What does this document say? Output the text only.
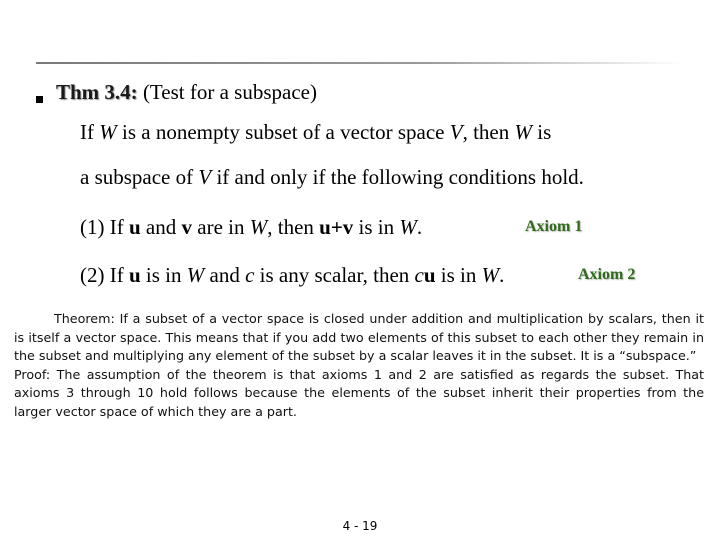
Thm 3.4: (Test for a subspace)
If W is a nonempty subset of a vector space V, then W is
a subspace of V if and only if the following conditions hold.
(1) If u and v are in W, then u+v is in W.	Axiom 1
(2) If u is in W and c is any scalar, then cu is in W.	Axiom 2

Theorem: If a subset of a vector space is closed under addition and multiplication by scalars, then it is itself a vector space. This means that if you add two elements of this subset to each other they remain in the subset and multiplying any element of the subset by a scalar leaves it in the subset. It is a “subspace.”

Proof: The assumption of the theorem is that axioms 1 and 2 are satisfied as regards the subset. That axioms 3 through 10 hold follows because the elements of the subset inherit their properties from the larger vector space of which they are a part.

4 - 19
